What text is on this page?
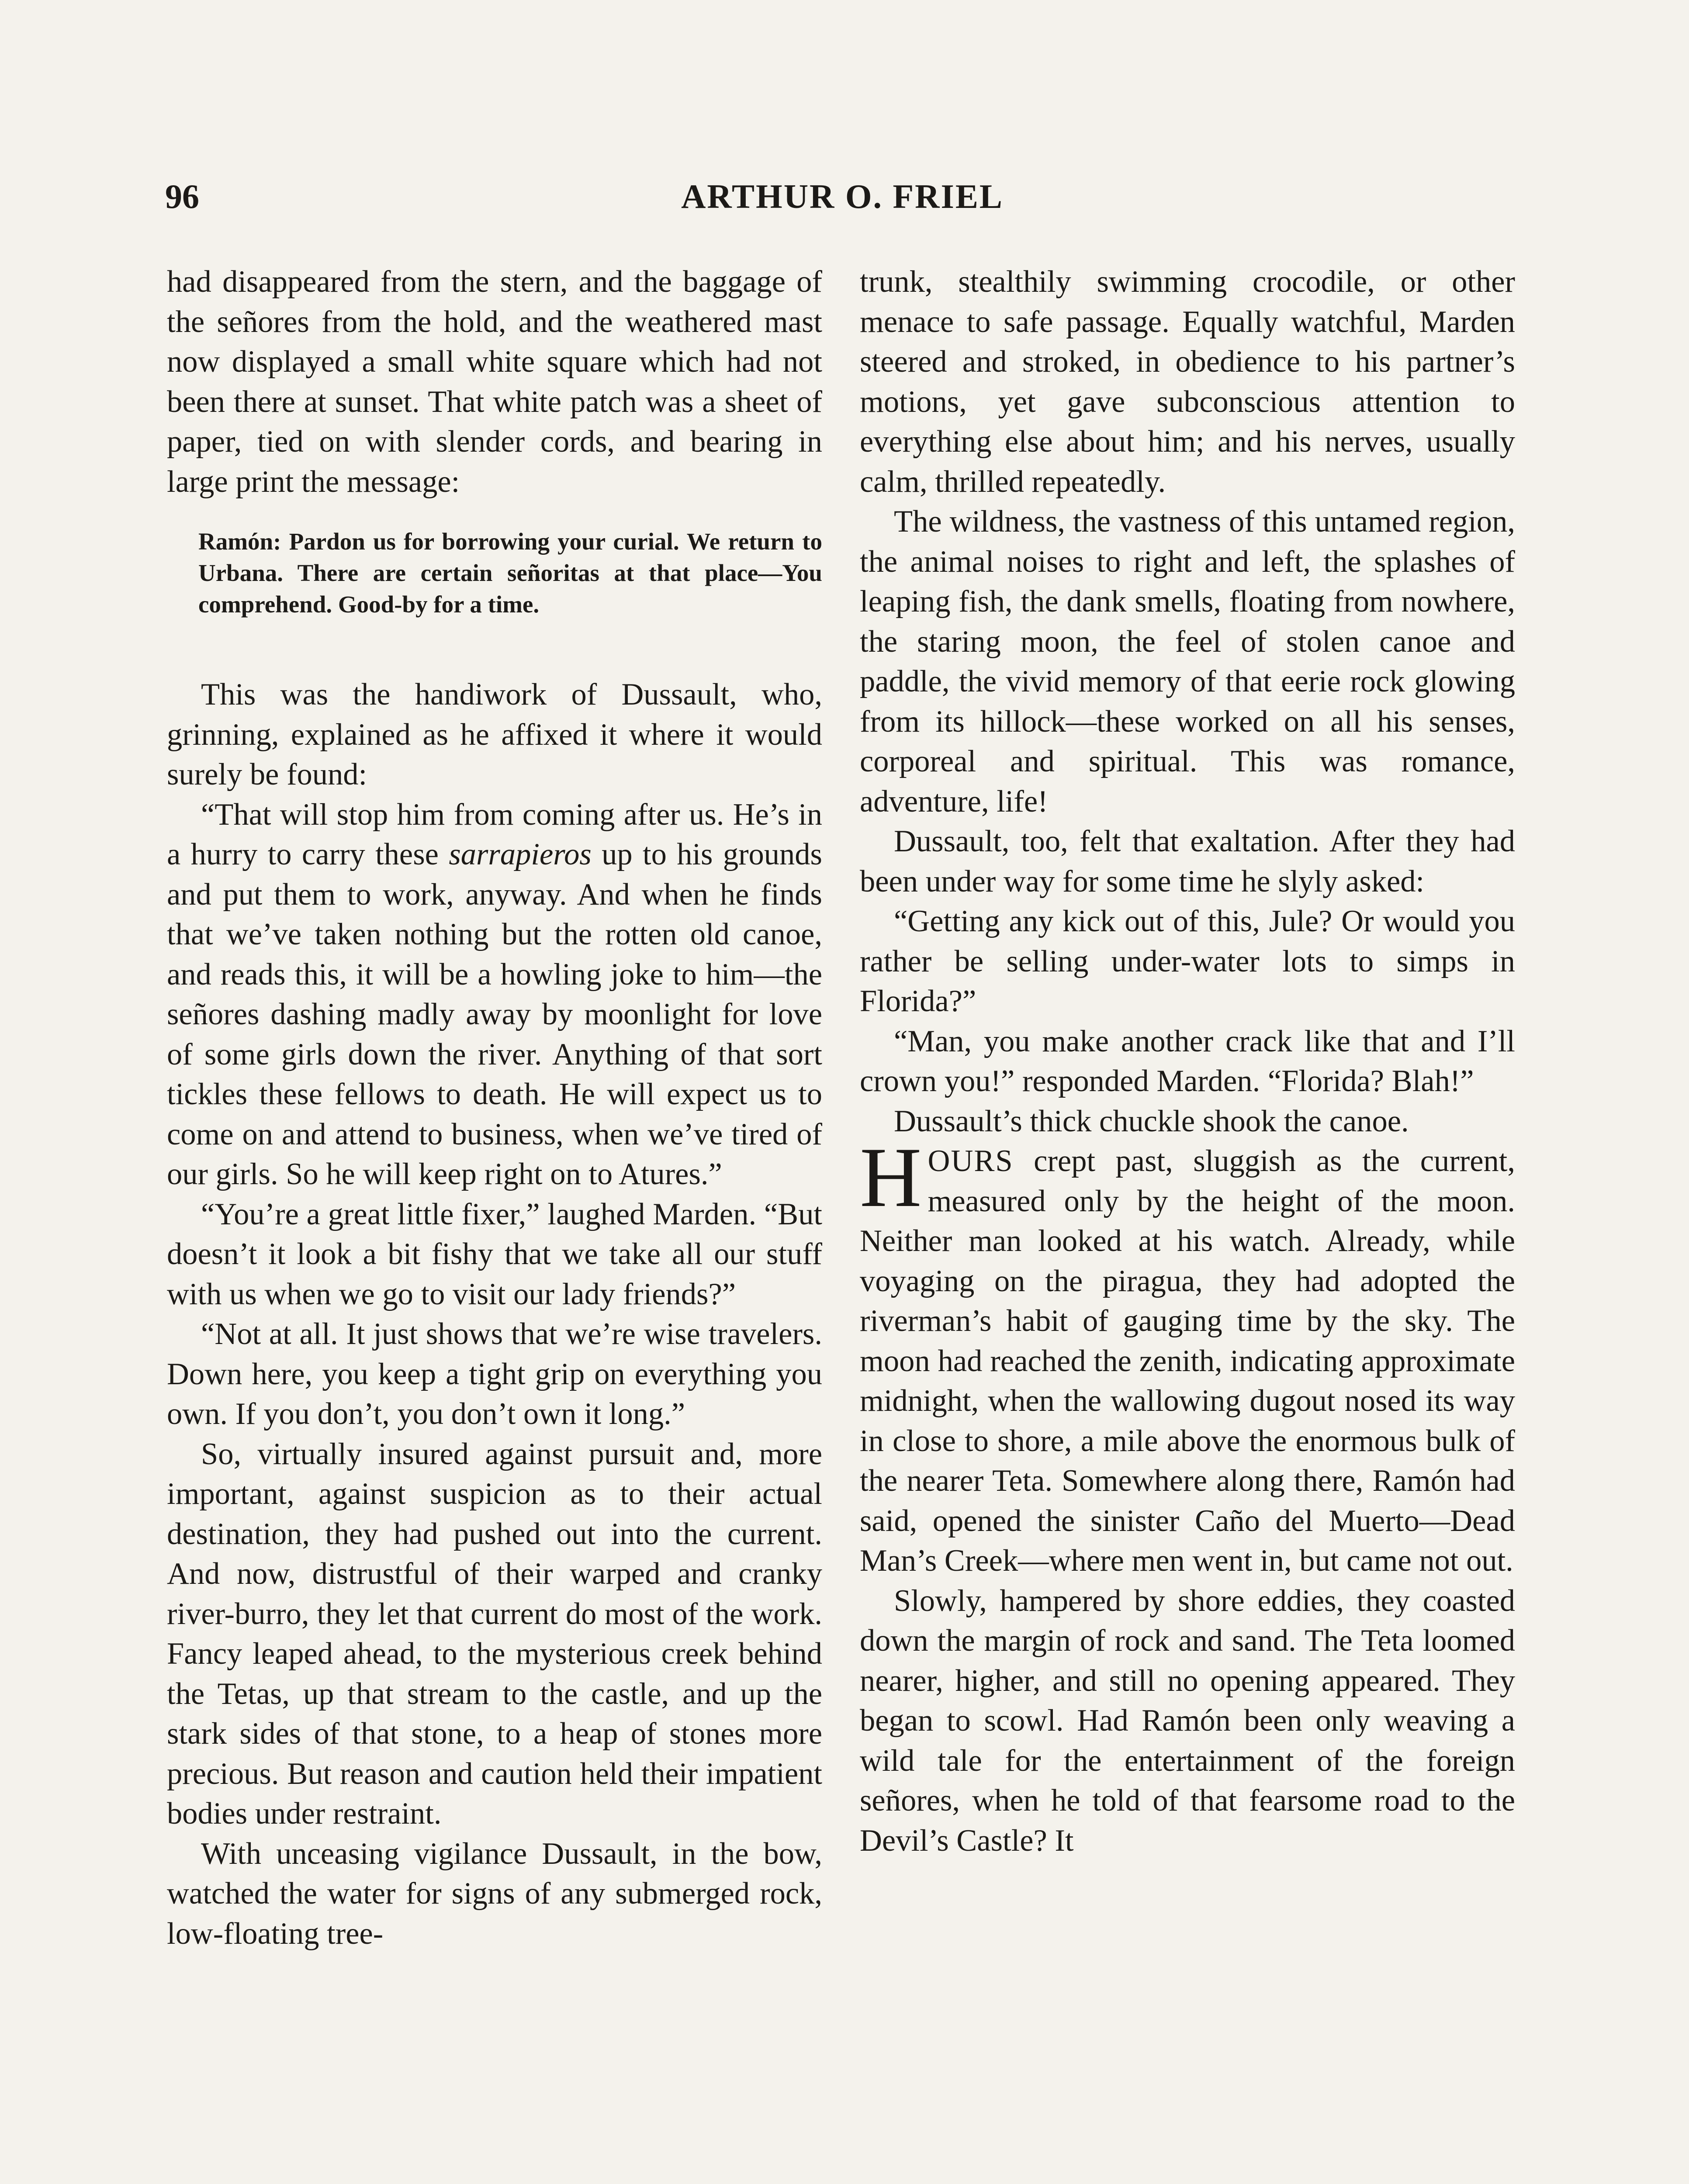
96	ARTHUR O. FRIEL

had disappeared from the stern, and the baggage of the señores from the hold, and the weathered mast now displayed a small white square which had not been there at sunset. That white patch was a sheet of paper, tied on with slender cords, and bearing in large print the message:

Ramón: Pardon us for borrowing your curial. We return to Urbana. There are certain señoritas at that place—You comprehend. Good-by for a time.

This was the handiwork of Dussault, who, grinning, explained as he affixed it where it would surely be found:

“That will stop him from coming after us. He’s in a hurry to carry these sarrapieros up to his grounds and put them to work, anyway. And when he finds that we’ve taken nothing but the rotten old canoe, and reads this, it will be a howling joke to him—the señores dashing madly away by moonlight for love of some girls down the river. Anything of that sort tickles these fellows to death. He will expect us to come on and attend to business, when we’ve tired of our girls. So he will keep right on to Atures.”

“You’re a great little fixer,” laughed Marden. “But doesn’t it look a bit fishy that we take all our stuff with us when we go to visit our lady friends?”

“Not at all. It just shows that we’re wise travelers. Down here, you keep a tight grip on everything you own. If you don’t, you don’t own it long.”

So, virtually insured against pursuit and, more important, against suspicion as to their actual destination, they had pushed out into the current. And now, distrustful of their warped and cranky river-burro, they let that current do most of the work. Fancy leaped ahead, to the mysterious creek behind the Tetas, up that stream to the castle, and up the stark sides of that stone, to a heap of stones more precious. But reason and caution held their impatient bodies under restraint.

With unceasing vigilance Dussault, in the bow, watched the water for signs of any submerged rock, low-floating tree-

trunk, stealthily swimming crocodile, or other menace to safe passage. Equally watchful, Marden steered and stroked, in obedience to his partner’s motions, yet gave subconscious attention to everything else about him; and his nerves, usually calm, thrilled repeatedly.

The wildness, the vastness of this untamed region, the animal noises to right and left, the splashes of leaping fish, the dank smells, floating from nowhere, the staring moon, the feel of stolen canoe and paddle, the vivid memory of that eerie rock glowing from its hillock—these worked on all his senses, corporeal and spiritual. This was romance, adventure, life!

Dussault, too, felt that exaltation. After they had been under way for some time he slyly asked:

“Getting any kick out of this, Jule? Or would you rather be selling under-water lots to simps in Florida?”

“Man, you make another crack like that and I’ll crown you!” responded Marden. “Florida? Blah!”

Dussault’s thick chuckle shook the canoe.

HOURS crept past, sluggish as the current, measured only by the height of the moon. Neither man looked at his watch. Already, while voyaging on the piragua, they had adopted the riverman’s habit of gauging time by the sky. The moon had reached the zenith, indicating approximate midnight, when the wallowing dugout nosed its way in close to shore, a mile above the enormous bulk of the nearer Teta. Somewhere along there, Ramón had said, opened the sinister Caño del Muerto—Dead Man’s Creek—where men went in, but came not out.

Slowly, hampered by shore eddies, they coasted down the margin of rock and sand. The Teta loomed nearer, higher, and still no opening appeared. They began to scowl. Had Ramón been only weaving a wild tale for the entertainment of the foreign señores, when he told of that fearsome road to the Devil’s Castle? It
